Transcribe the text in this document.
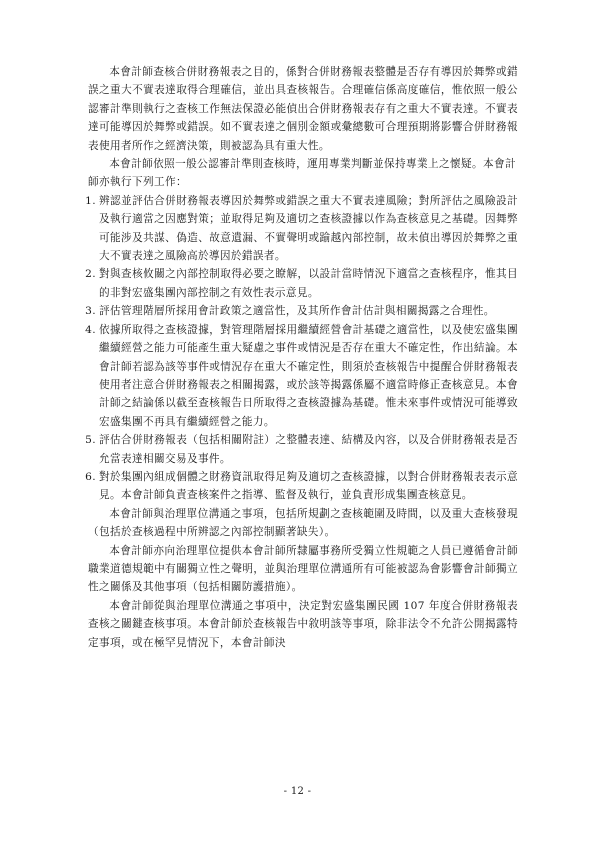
本會計師查核合併財務報表之目的，係對合併財務報表整體是否存有導因於舞弊或錯誤之重大不實表達取得合理確信，並出具查核報告。合理確信係高度確信，惟依照一般公認審計準則執行之查核工作無法保證必能偵出合併財務報表存有之重大不實表達。不實表達可能導因於舞弊或錯誤。如不實表達之個別金額或彙總數可合理預期將影響合併財務報表使用者所作之經濟決策，則被認為具有重大性。

本會計師依照一般公認審計準則查核時，運用專業判斷並保持專業上之懷疑。本會計師亦執行下列工作：

1. 辨認並評估合併財務報表導因於舞弊或錯誤之重大不實表達風險；對所評估之風險設計及執行適當之因應對策；並取得足夠及適切之查核證據以作為查核意見之基礎。因舞弊可能涉及共謀、偽造、故意遺漏、不實聲明或踰越內部控制，故未偵出導因於舞弊之重大不實表達之風險高於導因於錯誤者。
2. 對與查核攸關之內部控制取得必要之瞭解，以設計當時情況下適當之查核程序，惟其目的非對宏盛集團內部控制之有效性表示意見。
3. 評估管理階層所採用會計政策之適當性，及其所作會計估計與相關揭露之合理性。
4. 依據所取得之查核證據，對管理階層採用繼續經營會計基礎之適當性，以及使宏盛集團繼續經營之能力可能產生重大疑慮之事件或情況是否存在重大不確定性，作出結論。本會計師若認為該等事件或情況存在重大不確定性，則須於查核報告中提醒合併財務報表使用者注意合併財務報表之相關揭露，或於該等揭露係屬不適當時修正查核意見。本會計師之結論係以截至查核報告日所取得之查核證據為基礎。惟未來事件或情況可能導致宏盛集團不再具有繼續經營之能力。
5. 評估合併財務報表（包括相關附註）之整體表達、結構及內容，以及合併財務報表是否允當表達相關交易及事件。
6. 對於集團內組成個體之財務資訊取得足夠及適切之查核證據，以對合併財務報表表示意見。本會計師負責查核案件之指導、監督及執行，並負責形成集團查核意見。

本會計師與治理單位溝通之事項，包括所規劃之查核範圍及時間，以及重大查核發現（包括於查核過程中所辨認之內部控制顯著缺失）。

本會計師亦向治理單位提供本會計師所隸屬事務所受獨立性規範之人員已遵循會計師職業道德規範中有關獨立性之聲明，並與治理單位溝通所有可能被認為會影響會計師獨立性之關係及其他事項（包括相關防護措施）。

本會計師從與治理單位溝通之事項中，決定對宏盛集團民國 107 年度合併財務報表查核之關鍵查核事項。本會計師於查核報告中敘明該等事項，除非法令不允許公開揭露特定事項，或在極罕見情況下，本會計師決

- 12 -
